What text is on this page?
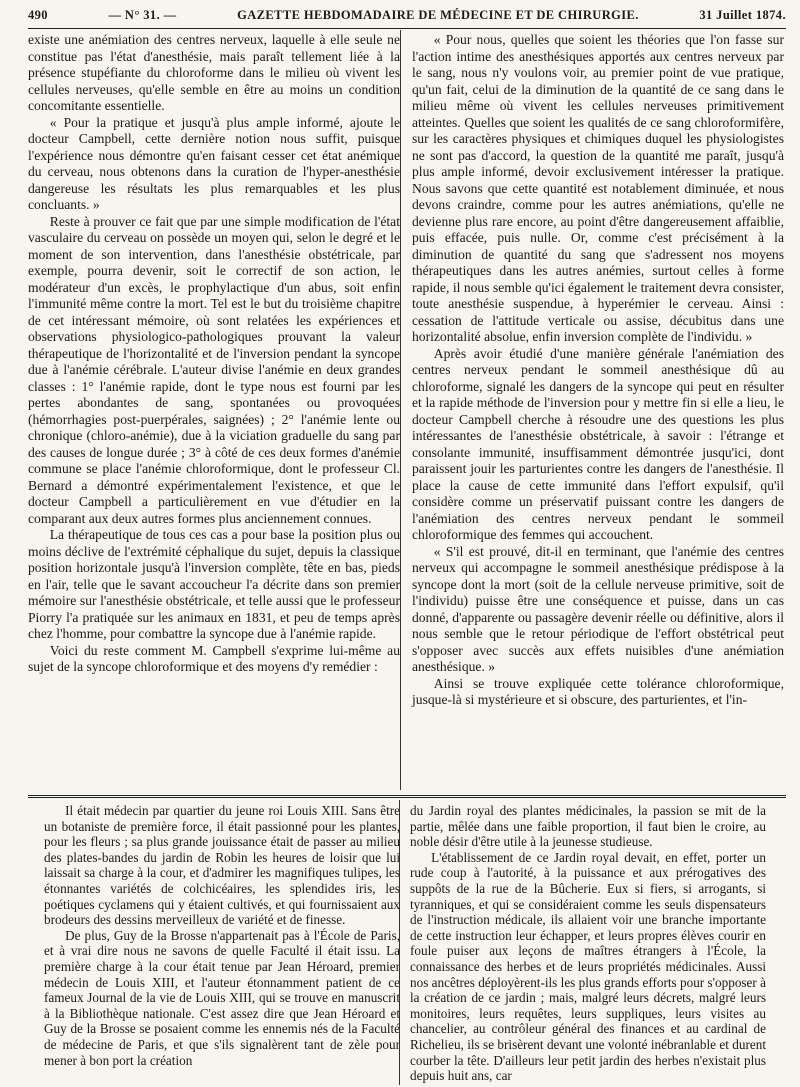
490	— N° 31. —	GAZETTE HEBDOMADAIRE DE MÉDECINE ET DE CHIRURGIE.	31 Juillet 1874.

existe une anémiation des centres nerveux, laquelle à elle seule ne constitue pas l'état d'anesthésie, mais paraît tellement liée à la présence stupéfiante du chloroforme dans le milieu où vivent les cellules nerveuses, qu'elle semble en être au moins un condition concomitante essentielle.

« Pour la pratique et jusqu'à plus ample informé, ajoute le docteur Campbell, cette dernière notion nous suffit, puisque l'expérience nous démontre qu'en faisant cesser cet état anémique du cerveau, nous obtenons dans la curation de l'hyper-anesthésie dangereuse les résultats les plus remarquables et les plus concluants. »

Reste à prouver ce fait que par une simple modification de l'état vasculaire du cerveau on possède un moyen qui, selon le degré et le moment de son intervention, dans l'anesthésie obstétricale, par exemple, pourra devenir, soit le correctif de son action, le modérateur d'un excès, le prophylactique d'un abus, soit enfin l'immunité même contre la mort. Tel est le but du troisième chapitre de cet intéressant mémoire, où sont relatées les expériences et observations physiologico-pathologiques prouvant la valeur thérapeutique de l'horizontalité et de l'inversion pendant la syncope due à l'anémie cérébrale. L'auteur divise l'anémie en deux grandes classes : 1° l'anémie rapide, dont le type nous est fourni par les pertes abondantes de sang, spontanées ou provoquées (hémorrhagies post-puerpérales, saignées) ; 2° l'anémie lente ou chronique (chloro-anémie), due à la viciation graduelle du sang par des causes de longue durée ; 3° à côté de ces deux formes d'anémie commune se place l'anémie chloroformique, dont le professeur Cl. Bernard a démontré expérimentalement l'existence, et que le docteur Campbell a particulièrement en vue d'étudier en la comparant aux deux autres formes plus anciennement connues.

La thérapeutique de tous ces cas a pour base la position plus ou moins déclive de l'extrémité céphalique du sujet, depuis la classique position horizontale jusqu'à l'inversion complète, tête en bas, pieds en l'air, telle que le savant accoucheur l'a décrite dans son premier mémoire sur l'anesthésie obstétricale, et telle aussi que le professeur Piorry l'a pratiquée sur les animaux en 1831, et peu de temps après chez l'homme, pour combattre la syncope due à l'anémie rapide.

Voici du reste comment M. Campbell s'exprime lui-même au sujet de la syncope chloroformique et des moyens d'y remédier :

« Pour nous, quelles que soient les théories que l'on fasse sur l'action intime des anesthésiques apportés aux centres nerveux par le sang, nous n'y voulons voir, au premier point de vue pratique, qu'un fait, celui de la diminution de la quantité de ce sang dans le milieu même où vivent les cellules nerveuses primitivement atteintes. Quelles que soient les qualités de ce sang chloroformifère, sur les caractères physiques et chimiques duquel les physiologistes ne sont pas d'accord, la question de la quantité me paraît, jusqu'à plus ample informé, devoir exclusivement intéresser la pratique. Nous savons que cette quantité est notablement diminuée, et nous devons craindre, comme pour les autres anémiations, qu'elle ne devienne plus rare encore, au point d'être dangereusement affaiblie, puis effacée, puis nulle. Or, comme c'est précisément à la diminution de quantité du sang que s'adressent nos moyens thérapeutiques dans les autres anémies, surtout celles à forme rapide, il nous semble qu'ici également le traitement devra consister, toute anesthésie suspendue, à hyperémier le cerveau. Ainsi : cessation de l'attitude verticale ou assise, décubitus dans une horizontalité absolue, enfin inversion complète de l'individu. »

Après avoir étudié d'une manière générale l'anémiation des centres nerveux pendant le sommeil anesthésique dû au chloroforme, signalé les dangers de la syncope qui peut en résulter et la rapide méthode de l'inversion pour y mettre fin si elle a lieu, le docteur Campbell cherche à résoudre une des questions les plus intéressantes de l'anesthésie obstétricale, à savoir : l'étrange et consolante immunité, insuffisamment démontrée jusqu'ici, dont paraissent jouir les parturientes contre les dangers de l'anesthésie. Il place la cause de cette immunité dans l'effort expulsif, qu'il considère comme un préservatif puissant contre les dangers de l'anémiation des centres nerveux pendant le sommeil chloroformique des femmes qui accouchent.

« S'il est prouvé, dit-il en terminant, que l'anémie des centres nerveux qui accompagne le sommeil anesthésique prédispose à la syncope dont la mort (soit de la cellule nerveuse primitive, soit de l'individu) puisse être une conséquence et puisse, dans un cas donné, d'apparente ou passagère devenir réelle ou définitive, alors il nous semble que le retour périodique de l'effort obstétrical peut s'opposer avec succès aux effets nuisibles d'une anémiation anesthésique. »

Ainsi se trouve expliquée cette tolérance chloroformique, jusque-là si mystérieure et si obscure, des parturientes, et l'in-

Il était médecin par quartier du jeune roi Louis XIII. Sans être un botaniste de première force, il était passionné pour les plantes, pour les fleurs ; sa plus grande jouissance était de passer au milieu des plates-bandes du jardin de Robin les heures de loisir que lui laissait sa charge à la cour, et d'admirer les magnifiques tulipes, les étonnantes variétés de colchicéaires, les splendides iris, les poétiques cyclamens qui y étaient cultivés, et qui fournissaient aux brodeurs des dessins merveilleux de variété et de finesse.

De plus, Guy de la Brosse n'appartenait pas à l'École de Paris, et à vrai dire nous ne savons de quelle Faculté il était issu. La première charge à la cour était tenue par Jean Héroard, premier médecin de Louis XIII, et l'auteur étonnamment patient de ce fameux Journal de la vie de Louis XIII, qui se trouve en manuscrit à la Bibliothèque nationale. C'est assez dire que Jean Héroard et Guy de la Brosse se posaient comme les ennemis nés de la Faculté de médecine de Paris, et que s'ils signalèrent tant de zèle pour mener à bon port la création

du Jardin royal des plantes médicinales, la passion se mit de la partie, mêlée dans une faible proportion, il faut bien le croire, au noble désir d'être utile à la jeunesse studieuse.

L'établissement de ce Jardin royal devait, en effet, porter un rude coup à l'autorité, à la puissance et aux prérogatives des suppôts de la rue de la Bûcherie. Eux si fiers, si arrogants, si tyranniques, et qui se considéraient comme les seuls dispensateurs de l'instruction médicale, ils allaient voir une branche importante de cette instruction leur échapper, et leurs propres élèves courir en foule puiser aux leçons de maîtres étrangers à l'École, la connaissance des herbes et de leurs propriétés médicinales. Aussi nos ancêtres déployèrent-ils les plus grands efforts pour s'opposer à la création de ce jardin ; mais, malgré leurs décrets, malgré leurs monitoires, leurs requêtes, leurs suppliques, leurs visites au chancelier, au contrôleur général des finances et au cardinal de Richelieu, ils se brisèrent devant une volonté inébranlable et durent courber la tête. D'ailleurs leur petit jardin des herbes n'existait plus depuis huit ans, car
